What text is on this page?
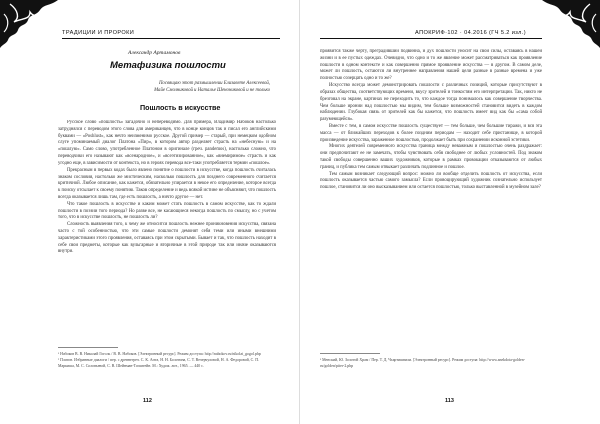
ТРАДИЦИИ И ПРОРОКИ
Александр Артамонов
Метафизика пошлости
Посвящаю этот размышлении Елизавете Алексеевой,
Майе Смолниковой и Наталье Шенониковой и не только
Пошлость в искусстве

Русское слово «пошлость» загадочно и непереводимо. Для примера, Владимир Набоков настолько затруднялся с переводом этого слова для американцев, что в конце концов так и писал его английскими буквами — «Poshlust», как нечто неизменимо русское. Другой пример — старый, при немецком одобном слуге упоминаемый диалог Платона «Пир», в котором автор разделяет страсть на «небесную» и на «пошлую». Само слово, употребленное Платоном в оригинале (греч. pandemos), настолько сложно, что переводчики его называют как «всенародное», и «всеэтизированное», как «внемиримое» страсть и как угодно еще, в зависимости от контекста, но в героях перевода все-таки употребляется термин «пошлое».

Прекрасным в первых кодах было явлено понятие о пошлости в искусстве, когда пошлость считалась знаком сословия, настолько же мистическим, насколько пошлость для позднего современного считается критичной. Любое описание, как кажется, обязательно упирается в некое его определение, которое всегда к поиску отсылает к своему понятию. Таков определение и ведь всякой истине не объясняют, что пошлость всегда оказывается лишь там, где есть пошлость, а ничто другое — нет.

Что такое пошлость в искусстве и каким может стать пошлость в самом искусстве, как то ждали пошлости в поэзии того периода? Но разве все, не касающиеся некогда пошлость по смыслу, но с учетом того, что в искусстве пошлость, не пошлость ли?

Сложность выявления того, к чему же относится пошлость нежнее проникновения искусства, связана часто с той особенностью, что эти самые пошлости демонят себя теми или иными внешними характеристиками этого проявления, оставаясь при этом скрытыми. Бывает и так, что пошлость находит в себе свои предметы, которые как вульгарные и вторичные в этой природе так или иначе оказываются внутри.

¹ Набоков В. В. Николай Гоголь / В. В. Набоков. [Электронный ресурс]. Режим доступа: http://nabokov.ru/nikolai_gogol.php
² Платон. Избранные диалоги / пер. с древнегреч. С. К. Апта, Н. Н. Болотина, С. Т. Вечерчуловой, Н. А. Федоровой, С. П. Маркиша, М. С. Соловьевой, С. В. Шейнман-Топштейн. М.: Худож. лит., 1965. — 440 с.
112
АПОКРИФ·102 · 04.2016 (ГЧ 5.2 изл.)

проявится также черту, преградивший подвинна, и дух пошлости уносит на свои силы, оставаясь в нашей жизни и в ее пустых одеждах. Очевидно, что одно и то же явление может рассматриваться как проявление пошлости в одном контексте и как совершенно прямое проявление искусства — в другом. В самом деле, может ли пошлость, остаются ли внутреннее направления нашей цели разные в разные времена и уже полностью созерцать одно и то же?

Искусство всегда может демонстрировать пошлости с различных позиций, которые присутствуют в образах общества, соответствующих времени, вкусу зрителей и тонкостям его интерпретации. Так, никто не брезговал на экране, картинах не переходить то, что каждое тогда понималось как совершение творчества. Чем больше иронии над пошлостью мы видим, тем больше возможностей становится видеть в каждом наблюдении. Глубокая связь от зрителей как бы кажется, что пошлость имеет вид как бы «сама собой разумеющейся».

Вместе с тем, в самом искусстве пошлость существует — тем больше, чем большие тиражи, и вся эта масса — от ближайших переходов к более поздним периодам — находит себе пристанище, в которой произведение искусства, зараженное пошлостью, продолжает быть при сохранении исконной эстетики.

Многих деятелей современного искусства граница между неважным и пошлостью очень раздражает: они предпочитают ее не замечать, чтобы чувствовать себя свободнее от любых условностей. Под знаком такой свободы совершенно ваших художников, которые в рамках провокации отказываются от любых границ, и публика тем самым отвыкает различать подлинное и пошлое.

Тем самым возникает следующий вопрос: можно ли вообще отделить пошлость от искусства, если пошлость оказывается частью самого замысла? Если провоцирующий художник сознательно использует пошлое, становится ли оно высказыванием или остается пошлостью, только выставленной в музейном зале?

³ Менский, Ю. Золотой Храм / Пер. Т. Д. Чхартишвили. [Электронный ресурс]. Режим доступа: http://www.anekdota-golden-ru/golden/piter-2.php
113
